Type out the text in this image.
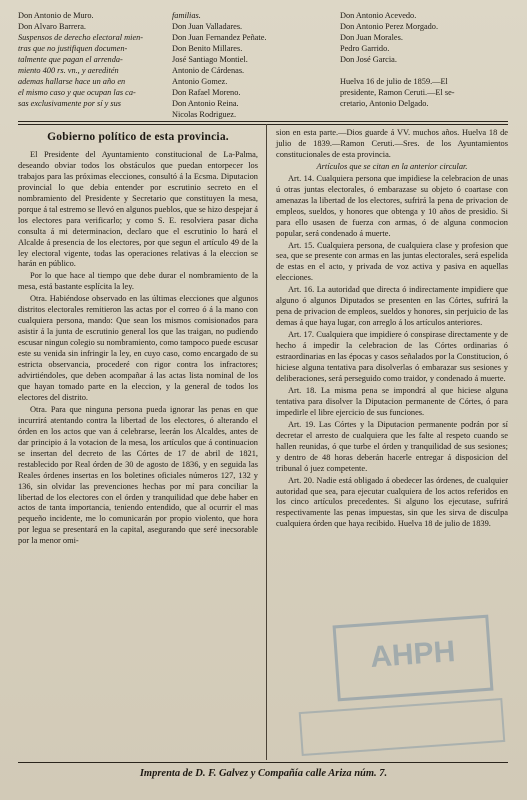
Don Antonio de Muro.
Don Alvaro Barrera.
Suspensos de derecho electoral mien-
tras que no justifiquen documen-
talmente que pagan el arrenda-
miento 400 rs. vn., y aereditén
ademas hallarse hace un año en
el mismo caso y que ocupan las ca-
sas exclusivamente por sí y sus
familias.
Don Juan Valladares.
Don Juan Fernandez Peñate.
Don Benito Millares.
José Santiago Montiel.
Antonio de Cárdenas.
Antonio Gomez.
Don Rafael Moreno.
Don Antonio Reina.
Nicolas Rodriguez.
Don Antonio Acevedo.
Don Antonio Perez Morgado.
Don Juan Morales.
Pedro Garrido.
Don José Garcia.
Huelva 16 de julio de 1859.—El
presidente, Ramon Ceruti.—El se-
cretario, Antonio Delgado.
Gobierno político de esta provincia.

El Presidente del Ayuntamiento constitucional de La-Palma, deseando obviar todos los obstáculos que puedan entorpecer los trabajos para las próximas elecciones, consultó á la Ecsma. Diputacion provincial lo que debia entender por escrutinio secreto en el nombramiento del Presidente y Secretario que constituyen la mesa, porque á tal estremo se llevó en algunos pueblos, que se hizo despejar á los electores para verificarlo; y como S. E. resolviera pasar dicha consulta á mi determinacion, declaro que el escrutinio lo hará el Alcalde á presencia de los electores, por que segun el artículo 49 de la ley electoral vigente, todas las operaciones relativas á la eleccion se harán en público.

Por lo que hace al tiempo que debe durar el nombramiento de la mesa, está bastante esplícita la ley.

Otra. Habiéndose observado en las últimas elecciones que algunos distritos electorales remitieron las actas por el correo ó á la mano con cualquiera persona, mando: Que sean los mismos comisionados para asistir á la junta de escrutinio general los que las traigan, no pudiendo escusar ningun colegio su nombramiento, como tampoco puede escusar este su venida sin infringir la ley, en cuyo caso, como encargado de su estricta observancia, procederé con rigor contra los infractores; advirtiéndoles, que deben acompañar á las actas lista nominal de los que hayan tomado parte en la eleccion, y la general de todos los electores del distrito.

Otra. Para que ninguna persona pueda ignorar las penas en que incurrirá atentando contra la libertad de los electores, ó alterando el órden en los actos que van á celebrarse, leerán los Alcaldes, antes de dar principio á la votacion de la mesa, los artículos que á continuacion se insertan del decreto de las Córtes de 17 de abril de 1821, restablecido por Real órden de 30 de agosto de 1836, y en seguida las Reales órdenes insertas en los boletines oficiales números 127, 132 y 136, sin olvidar las prevenciones hechas por mí para conciliar la libertad de los electores con el órden y tranquilidad que debe haber en actos de tanta importancia, teniendo entendido, que al ocurrir el mas pequeño incidente, me lo comunicarán por propio violento, que hora por legua se presentará en la capital, asegurando que seré inecsorable por la menor omi-

sion en esta parte.—Dios guarde á VV. muchos años. Huelva 18 de julio de 1839.—Ramon Ceruti.—Sres. de los Ayuntamientos constitucionales de esta provincia.

Artículos que se citan en la anterior circular.

Art. 14. Cualquiera persona que impidiese la celebracion de unas ú otras juntas electorales, ó embarazase su objeto ó coartase con amenazas la libertad de los electores, sufrirá la pena de privacion de empleos, sueldos, y honores que obtenga y 10 años de presidio. Si para ello usasen de fuerza con armas, ó de alguna conmocion popular, será condenado á muerte.

Art. 15. Cualquiera persona, de cualquiera clase y profesion que sea, que se presente con armas en las juntas electorales, será espelida de estas en el acto, y privada de voz activa y pasiva en aquellas elecciones.

Art. 16. La autoridad que directa ó indirectamente impidiere que alguno ó algunos Diputados se presenten en las Córtes, sufrirá la pena de privacion de empleos, sueldos y honores, sin perjuicio de las demas á que haya lugar, con arreglo á los artículos anteriores.

Art. 17. Cualquiera que impidiere ó conspirase directamente y de hecho á impedir la celebracion de las Córtes ordinarias ó estraordinarias en las épocas y casos señalados por la Constitucion, ó hiciese alguna tentativa para disolverlas ó embarazar sus sesiones y deliberaciones, será perseguido como traidor, y condenado á muerte.

Art. 18. La misma pena se impondrá al que hiciese alguna tentativa para disolver la Diputacion permanente de Córtes, ó para impedirle el libre ejercicio de sus funciones.

Art. 19. Las Córtes y la Diputacion permanente podrán por sí decretar el arresto de cualquiera que les falte al respeto cuando se hallen reunidas, ó que turbe el órden y tranquilidad de sus sesiones; y dentro de 48 horas deberán hacerle entregar á disposicion del tribunal ó juez competente.

Art. 20. Nadie está obligado á obedecer las órdenes, de cualquier autoridad que sea, para ejecutar cualquiera de los actos referidos en los cinco artículos precedentes. Si alguno los ejecutase, sufrirá respectivamente las penas impuestas, sin que les sirva de disculpa cualquiera órden que haya recibido. Huelva 18 de julio de 1839.

AHPH
Imprenta de D. F. Galvez y Compañía calle Ariza núm. 7.
